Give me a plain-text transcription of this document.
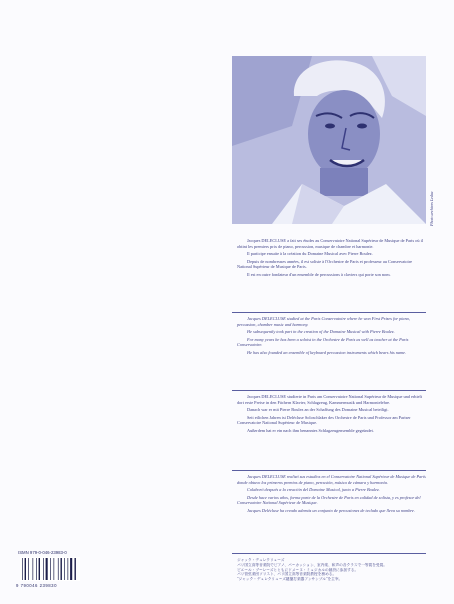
Photo archives Leduc

Jacques DELECLUSE a fait ses études au Conservatoire National Supérieur de Musique de Paris où il obtint les premiers prix de piano, percussion, musique de chambre et harmonie.

Il participe ensuite à la création du Domaine Musical avec Pierre Boulez.

Depuis de nombreuses années, il est soliste à l'Orchestre de Paris et professeur au Conservatoire National Supérieur de Musique de Paris.

Il est en outre fondateur d'un ensemble de percussions à claviers qui porte son nom.

Jacques DELECLUSE studied at the Paris Conservatoire where he won First Prizes for piano, percussion, chamber music and harmony.

He subsequently took part in the creation of the Domaine Musical with Pierre Boulez.

For many years he has been a soloist in the Orchestre de Paris as well as teacher at the Paris Conservatoire.

He has also founded an ensemble of keyboard percussion instruments which bears his name.

Jacques DELECLUSE studierte in Paris am Conservatoire National Supérieur de Musique und erhielt dort erste Preise in den Fächern Klavier, Schlagzeug, Kammermusik und Harmonielehre.

Danach war er mit Pierre Boulez an der Schaffung des Domaine Musical beteiligt.

Seit etlichen Jahren ist Delécluse Soloschlaker des Orchestre de Paris und Professor am Pariser Conservatoire National Supérieur de Musique.

Außerdem hat er ein nach ihm benanntes Schlagzeugensemble gegründet.

Jacques DELECLUSE realizó sus estudios en el Conservatoire National Supérieur de Musique de París donde obtuvo los primeros premios de piano, percusión, música de cámara y harmonía.

Colaboró después a la creación del Domaine Musical, junto a Pierre Boulez.

Desde hace varios años, forma parte de la Orchestre de Paris en calidad de solista, y es profesor del Conservatoire National Supérieur de Musique.

Jacques Delécluse ha creado además un conjunto de percusiones de teclado que lleva su nombre.

ISMN 979-0-046-23983-0
9 790046 239830
ジャック・デュレクリューズ
パリ国立高等音楽院でピアノ、パーカッション、室内楽、和声の各クラスで一等賞を受賞。
ピエール・ブーレーズとともにドメーヌ・ミュジカルの創設に参加する。
パリ管弦楽団ソリスト、パリ国立高等音楽院教授を務める。
"ジャック・デュレクリューズ鍵盤打楽器アンサンブル"を主宰。
